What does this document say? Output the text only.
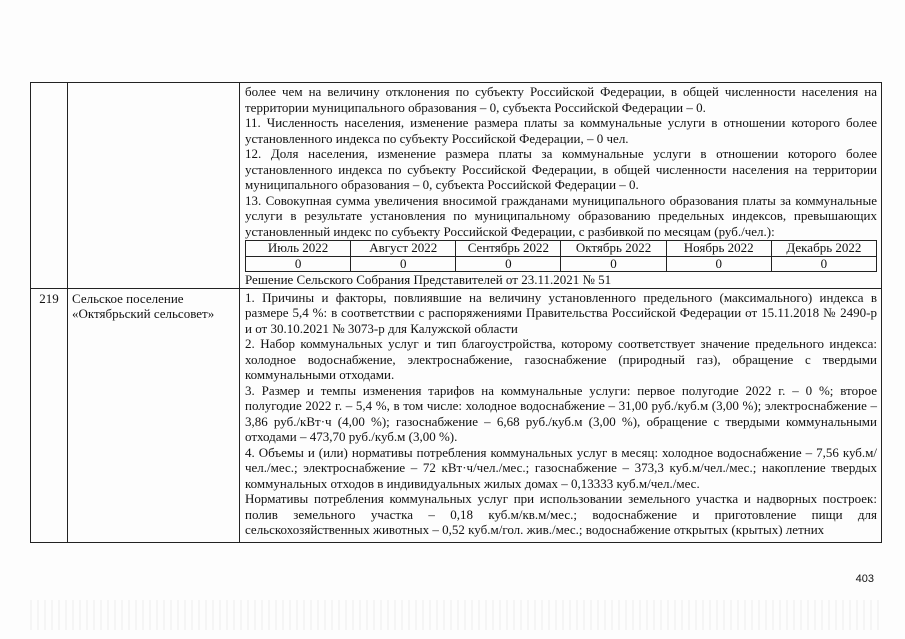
более чем на величину отклонения по субъекту Российской Федерации, в общей численности населения на территории муниципального образования – 0, субъекта Российской Федерации – 0.

11. Численность населения, изменение размера платы за коммунальные услуги в отношении которого более установленного индекса по субъекту Российской Федерации, – 0 чел.

12. Доля населения, изменение размера платы за коммунальные услуги в отношении которого более установленного индекса по субъекту Российской Федерации, в общей численности населения на территории муниципального образования – 0, субъекта Российской Федерации – 0.

13. Совокупная сумма увеличения вносимой гражданами муниципального образования платы за коммунальные услуги в результате установления по муниципальному образованию предельных индексов, превышающих установленный индекс по субъекту Российской Федерации, с разбивкой по месяцам (руб./чел.):

Июль 2022	Август 2022	Сентябрь 2022	Октябрь 2022	Ноябрь 2022	Декабрь 2022
0	0	0	0	0	0

Решение Сельского Собрания Представителей от 23.11.2021 № 51

219	Сельское поселение «Октябрьский сельсовет»	

1. Причины и факторы, повлиявшие на величину установленного предельного (максимального) индекса в размере 5,4 %: в соответствии с распоряжениями Правительства Российской Федерации от 15.11.2018 № 2490-р и от 30.10.2021 № 3073-р для Калужской области

2. Набор коммунальных услуг и тип благоустройства, которому соответствует значение предельного индекса: холодное водоснабжение, электроснабжение, газоснабжение (природный газ), обращение с твердыми коммунальными отходами.

3. Размер и темпы изменения тарифов на коммунальные услуги: первое полугодие 2022 г. – 0 %; второе полугодие 2022 г. – 5,4 %, в том числе: холодное водоснабжение – 31,00 руб./куб.м (3,00 %); электроснабжение – 3,86 руб./кВт·ч (4,00 %); газоснабжение – 6,68 руб./куб.м (3,00 %), обращение с твердыми коммунальными отходами – 473,70 руб./куб.м (3,00 %).

4. Объемы и (или) нормативы потребления коммунальных услуг в месяц: холодное водоснабжение – 7,56 куб.м/чел./мес.; электроснабжение – 72 кВт·ч/чел./мес.; газоснабжение – 373,3 куб.м/чел./мес.; накопление твердых коммунальных отходов в индивидуальных жилых домах – 0,13333 куб.м/чел./мес.

Нормативы потребления коммунальных услуг при использовании земельного участка и надворных построек: полив земельного участка – 0,18 куб.м/кв.м/мес.; водоснабжение и приготовление пищи для сельскохозяйственных животных – 0,52 куб.м/гол. жив./мес.; водоснабжение открытых (крытых) летних

403
